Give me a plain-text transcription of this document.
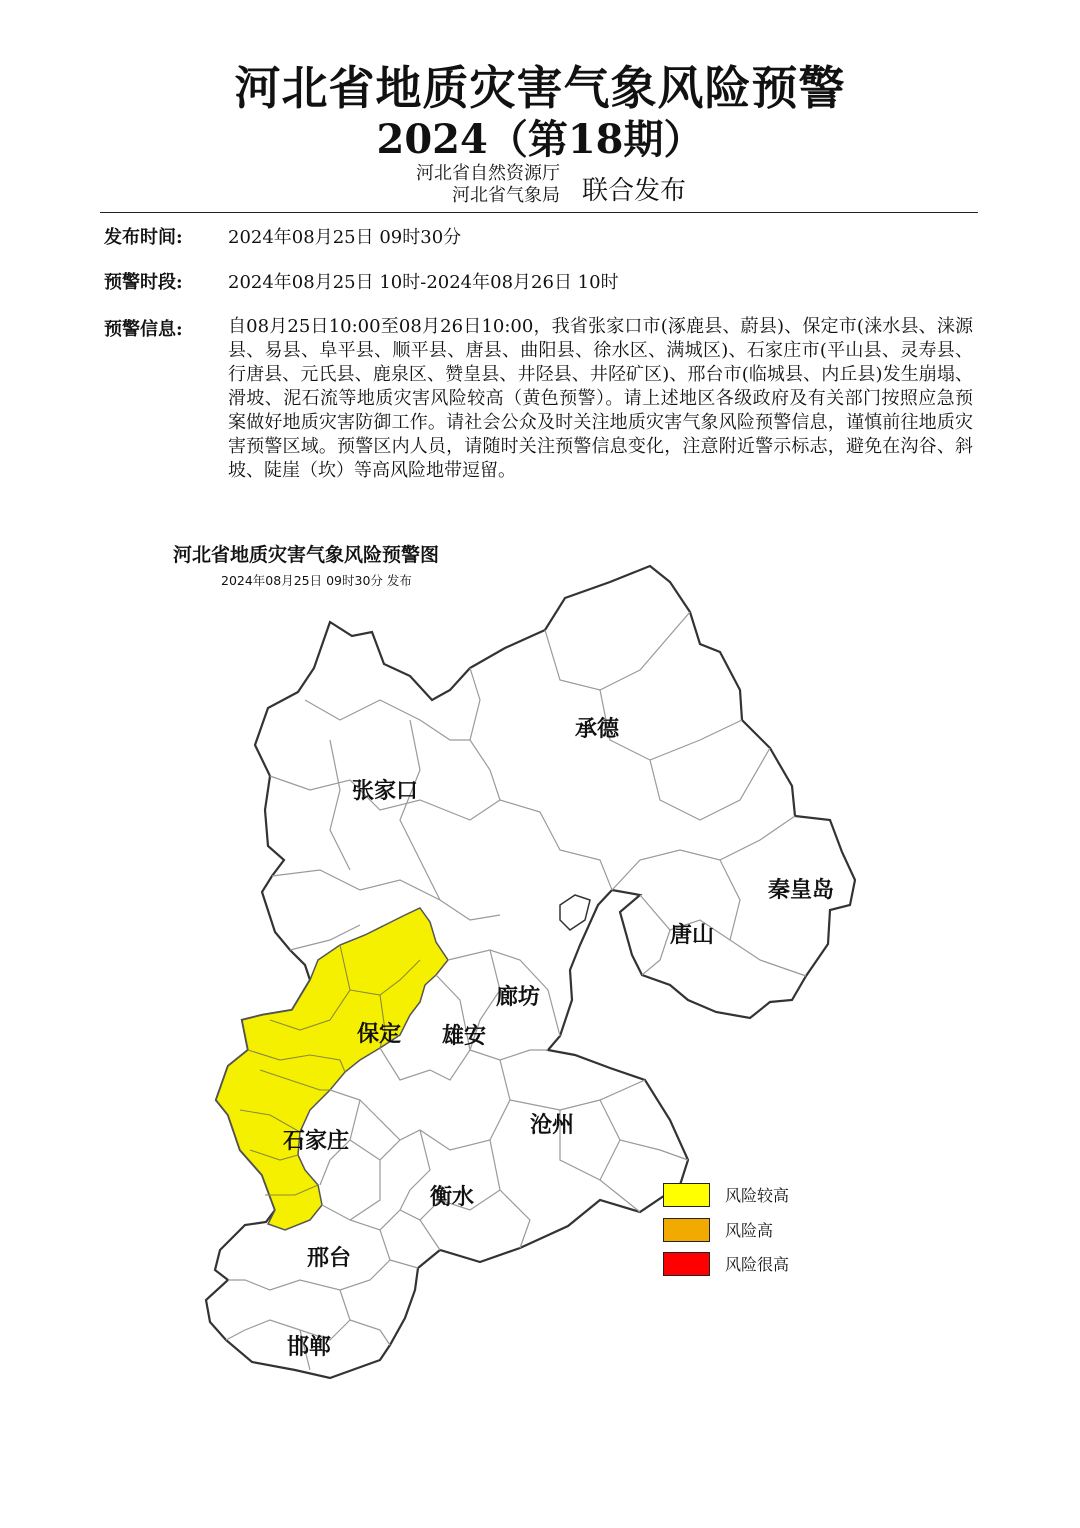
河北省地质灾害气象风险预警
2024（第18期）
河北省自然资源厅
河北省气象局 联合发布
发布时间:	2024年08月25日 09时30分
预警时段:	2024年08月25日 10时-2024年08月26日 10时
预警信息:	自08月25日10:00至08月26日10:00，我省张家口市(涿鹿县、蔚县)、保定市(涞水县、涞源县、易县、阜平县、顺平县、唐县、曲阳县、徐水区、满城区)、石家庄市(平山县、灵寿县、行唐县、元氏县、鹿泉区、赞皇县、井陉县、井陉矿区)、邢台市(临城县、内丘县)发生崩塌、滑坡、泥石流等地质灾害风险较高（黄色预警）。请上述地区各级政府及有关部门按照应急预案做好地质灾害防御工作。请社会公众及时关注地质灾害气象风险预警信息，谨慎前往地质灾害预警区域。预警区内人员，请随时关注预警信息变化，注意附近警示标志，避免在沟谷、斜坡、陡崖（坎）等高风险地带逗留。
河北省地质灾害气象风险预警图
2024年08月25日 09时30分 发布
承德
张家口
秦皇岛
唐山
廊坊
保定 雄安
沧州
石家庄
衡水
邢台
邯郸
风险较高
风险高
风险很高
